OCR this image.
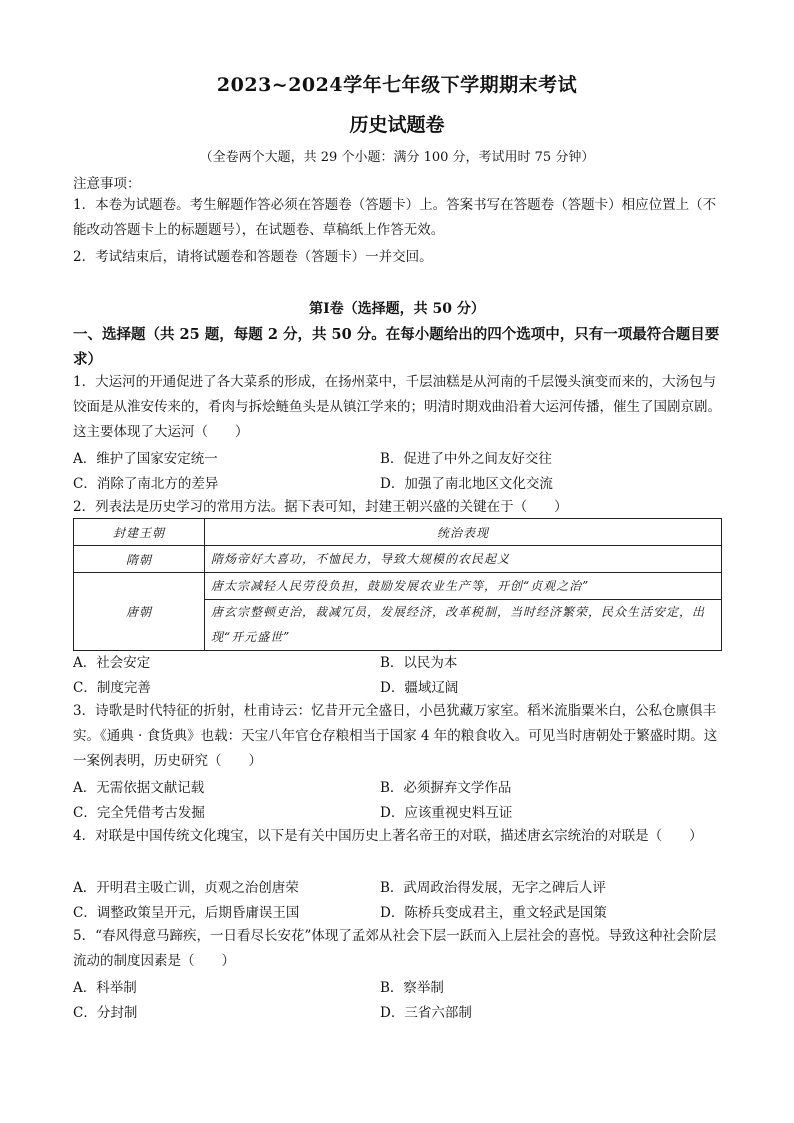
2023~2024学年七年级下学期期末考试
历史试题卷
（全卷两个大题，共 29 个小题：满分 100 分，考试用时 75 分钟）
注意事项：
1．本卷为试题卷。考生解题作答必须在答题卷（答题卡）上。答案书写在答题卷（答题卡）相应位置上（不能改动答题卡上的标题题号），在试题卷、草稿纸上作答无效。
2．考试结束后，请将试题卷和答题卷（答题卡）一并交回。
第Ⅰ卷（选择题，共 50 分）
一、选择题（共 25 题，每题 2 分，共 50 分。在每小题给出的四个选项中，只有一项最符合题目要求）
1．大运河的开通促进了各大菜系的形成，在扬州菜中，千层油糕是从河南的千层馒头演变而来的，大汤包与饺面是从淮安传来的，肴肉与拆烩鲢鱼头是从镇江学来的；明清时期戏曲沿着大运河传播，催生了国剧京剧。这主要体现了大运河（　　）
A．维护了国家安定统一	B．促进了中外之间友好交往
C．消除了南北方的差异	D．加强了南北地区文化交流
2．列表法是历史学习的常用方法。据下表可知，封建王朝兴盛的关键在于（　　）
封建王朝	统治表现
隋朝	隋炀帝好大喜功，不恤民力，导致大规模的农民起义
唐朝	唐太宗减轻人民劳役负担，鼓励发展农业生产等，开创“贞观之治”
	唐玄宗整顿吏治，裁减冗员，发展经济，改革税制，当时经济繁荣，民众生活安定，出现“开元盛世”
A．社会安定	B．以民为本
C．制度完善	D．疆域辽阔
3．诗歌是时代特征的折射，杜甫诗云：忆昔开元全盛日，小邑犹藏万家室。稻米流脂粟米白，公私仓廪俱丰实。《通典 · 食货典》也载：天宝八年官仓存粮相当于国家 4 年的粮食收入。可见当时唐朝处于繁盛时期。这一案例表明，历史研究（　　）
A．无需依据文献记载	B．必须摒弃文学作品
C．完全凭借考古发掘	D．应该重视史料互证
4．对联是中国传统文化瑰宝，以下是有关中国历史上著名帝王的对联，描述唐玄宗统治的对联是（　　）
A．开明君主吸亡训，贞观之治创唐荣	B．武周政治得发展，无字之碑后人评
C．调整政策呈开元，后期昏庸误王国	D．陈桥兵变成君主，重文轻武是国策
5．“春风得意马蹄疾，一日看尽长安花”体现了孟郊从社会下层一跃而入上层社会的喜悦。导致这种社会阶层流动的制度因素是（　　）
A．科举制	B．察举制
C．分封制	D．三省六部制
